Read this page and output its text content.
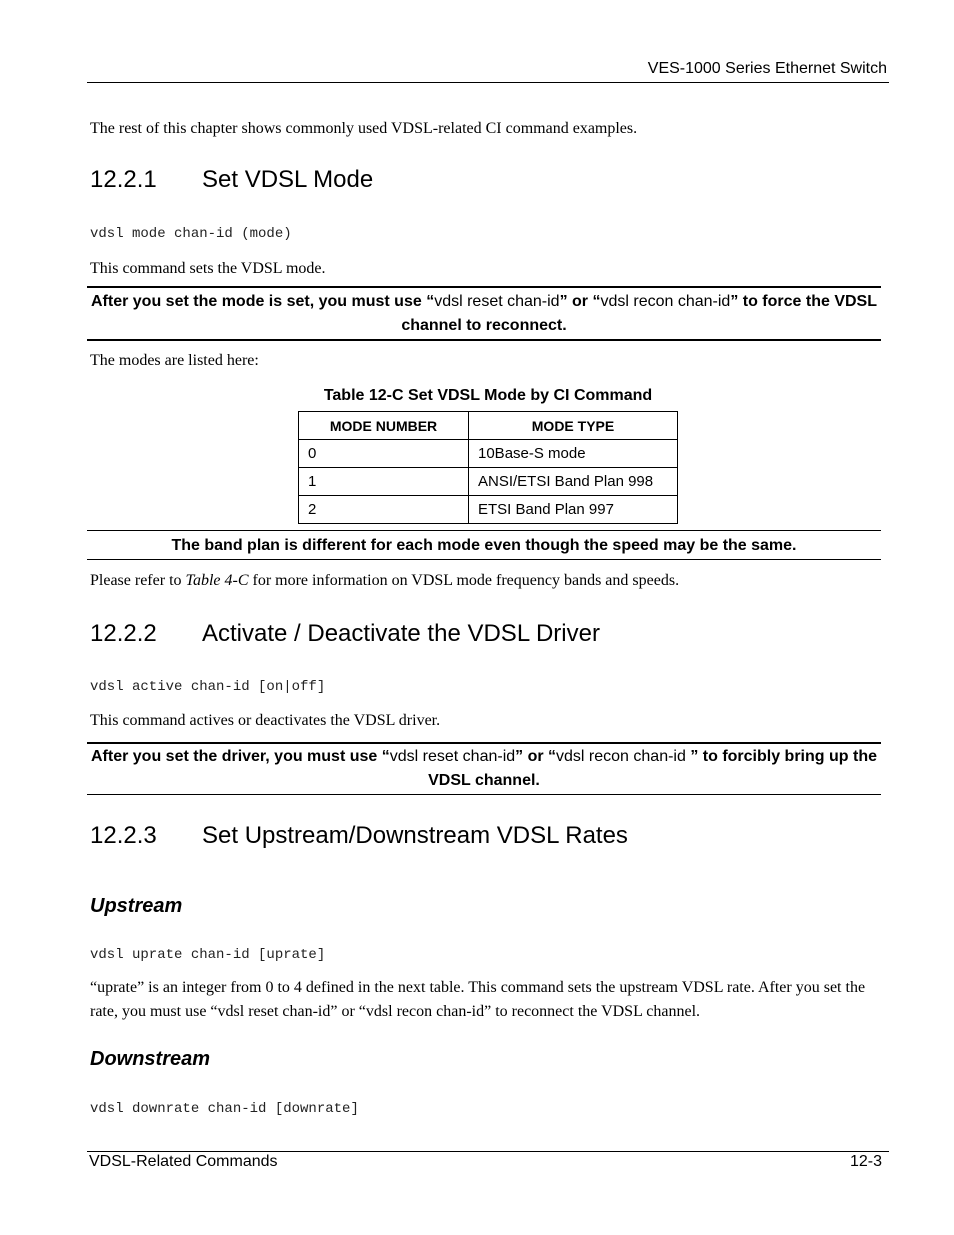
VES-1000 Series Ethernet Switch
The rest of this chapter shows commonly used VDSL-related CI command examples.
12.2.1 Set VDSL Mode
vdsl mode chan-id (mode)
This command sets the VDSL mode.
After you set the mode is set, you must use “vdsl reset chan-id” or “vdsl recon chan-id” to force the VDSL channel to reconnect.
The modes are listed here:
Table 12-C Set VDSL Mode by CI Command
MODE NUMBER	MODE TYPE
0	10Base-S mode
1	ANSI/ETSI Band Plan 998
2	ETSI Band Plan 997
The band plan is different for each mode even though the speed may be the same.
Please refer to Table 4-C for more information on VDSL mode frequency bands and speeds.
12.2.2 Activate / Deactivate the VDSL Driver
vdsl active chan-id [on|off]
This command actives or deactivates the VDSL driver.
After you set the driver, you must use “vdsl reset chan-id” or “vdsl recon chan-id ” to forcibly bring up the VDSL channel.
12.2.3 Set Upstream/Downstream VDSL Rates
Upstream
vdsl uprate chan-id [uprate]
“uprate” is an integer from 0 to 4 defined in the next table. This command sets the upstream VDSL rate. After you set the rate, you must use “vdsl reset chan-id” or “vdsl recon chan-id” to reconnect the VDSL channel.
Downstream
vdsl downrate chan-id [downrate]
VDSL-Related Commands	12-3
